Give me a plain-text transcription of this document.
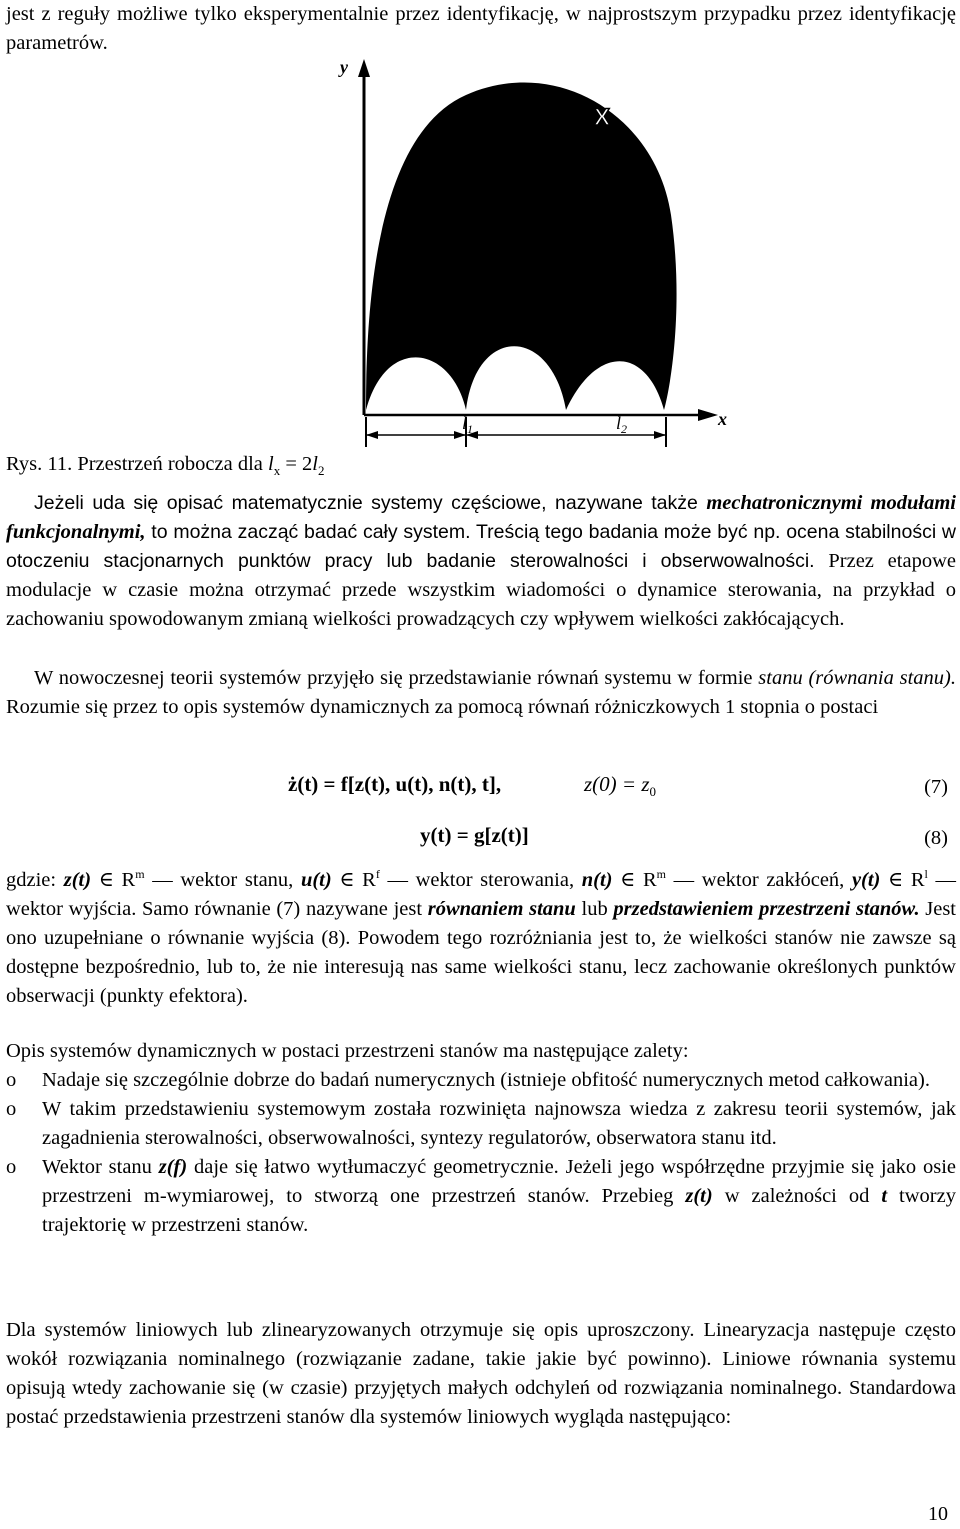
jest z reguły możliwe tylko eksperymentalnie przez identyfikację, w najprostszym przypadku przez identyfikację parametrów.

y
x
X
$l_1$	$l_2$
Rys. 11. Przestrzeń robocza dla $l_x = 2l_2$

Jeżeli uda się opisać matematycznie systemy częściowe, nazywane także mechatronicznymi modułami funkcjonalnymi, to można zacząć badać cały system. Treścią tego badania może być np. ocena stabilności w otoczeniu stacjonarnych punktów pracy lub badanie sterowalności i obserwowalności. Przez etapowe modulacje w czasie można otrzymać przede wszystkim wiadomości o dynamice sterowania, na przykład o zachowaniu spowodowanym zmianą wielkości prowadzących czy wpływem wielkości zakłócających.

W nowoczesnej teorii systemów przyjęło się przedstawianie równań systemu w formie stanu (równania stanu). Rozumie się przez to opis systemów dynamicznych za pomocą równań różniczkowych 1 stopnia o postaci

ż(t) = f[z(t), u(t), n(t), t],	$z(0) = z_0$	(7)
y(t) = g[z(t)]	(8)

gdzie: z(t) ∈ $R^m$ — wektor stanu, u(t) ∈ $R^f$ — wektor sterowania, n(t) ∈ $R^m$ — wektor zakłóceń, y(t) ∈ $R^l$ — wektor wyjścia. Samo równanie (7) nazywane jest równaniem stanu lub przedstawieniem przestrzeni stanów. Jest ono uzupełniane o równanie wyjścia (8). Powodem tego rozróżniania jest to, że wielkości stanów nie zawsze są dostępne bezpośrednio, lub to, że nie interesują nas same wielkości stanu, lecz zachowanie określonych punktów obserwacji (punkty efektora).

Opis systemów dynamicznych w postaci przestrzeni stanów ma następujące zalety:

o Nadaje się szczególnie dobrze do badań numerycznych (istnieje obfitość numerycznych metod całkowania).
o W takim przedstawieniu systemowym została rozwinięta najnowsza wiedza z zakresu teorii systemów, jak zagadnienia sterowalności, obserwowalności, syntezy regulatorów, obserwatora stanu itd.
o Wektor stanu z(f) daje się łatwo wytłumaczyć geometrycznie. Jeżeli jego współrzędne przyjmie się jako osie przestrzeni m-wymiarowej, to stworzą one przestrzeń stanów. Przebieg z(t) w zależności od t tworzy trajektorię w przestrzeni stanów.

Dla systemów liniowych lub zlinearyzowanych otrzymuje się opis uproszczony. Linearyzacja następuje często wokół rozwiązania nominalnego (rozwiązanie zadane, takie jakie być powinno). Liniowe równania systemu opisują wtedy zachowanie się (w czasie) przyjętych małych odchyleń od rozwiązania nominalnego. Standardowa postać przedstawienia przestrzeni stanów dla systemów liniowych wygląda następująco:

10
